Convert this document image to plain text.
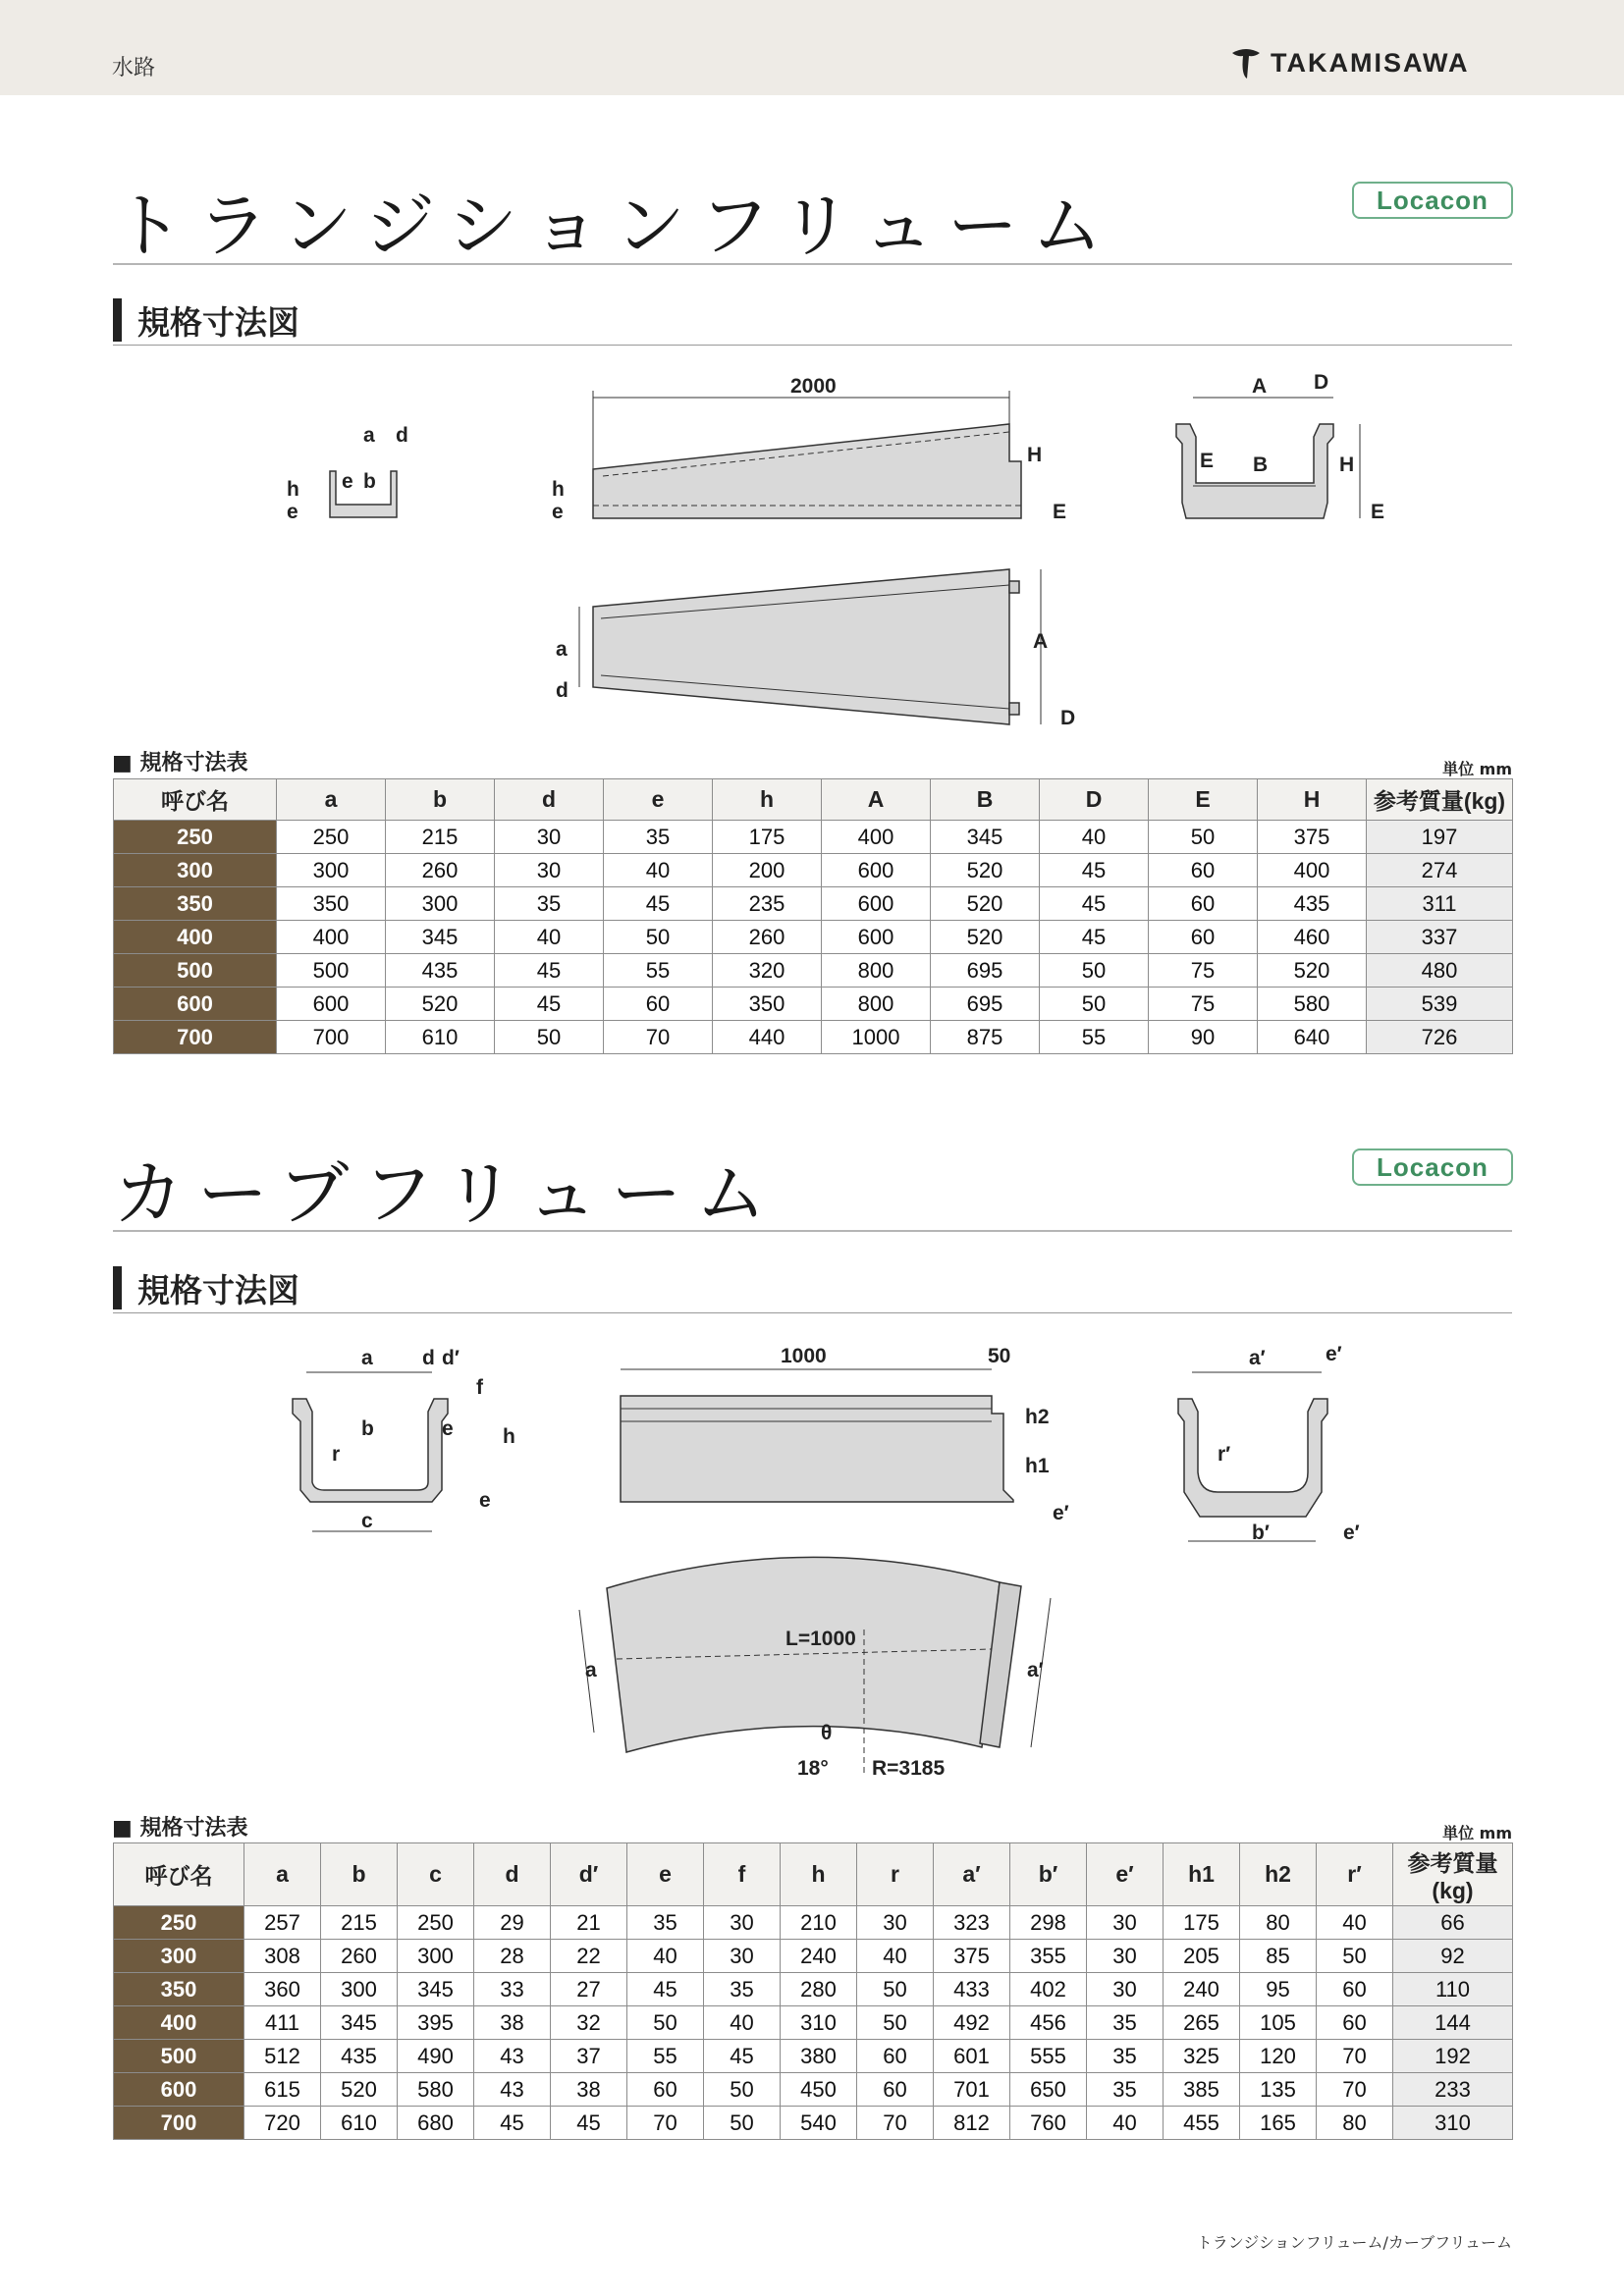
水路	TAKAMISAWA
トランジションフリューム	Locacon
規格寸法図
a d
e b
h
e
2000
h
e
H
E
A D
E B	H
E
a
d
A
D
■ 規格寸法表	単位 mm
呼び名	a	b	d	e	h	A	B	D	E	H	参考質量(kg)
250	250	215	30	35	175	400	345	40	50	375	197
300	300	260	30	40	200	600	520	45	60	400	274
350	350	300	35	45	235	600	520	45	60	435	311
400	400	345	40	50	260	600	520	45	60	460	337
500	500	435	45	55	320	800	695	50	75	520	480
600	600	520	45	60	350	800	695	50	75	580	539
700	700	610	50	70	440	1000	875	55	90	640	726
カーブフリューム	Locacon
規格寸法図
a d d′
f
b	e h
r
e
c
1000	50
h2
h1
e′
a′	e′
r′
b′	e′
L=1000
a	a′
18°
θ
R=3185
■ 規格寸法表	単位 mm
呼び名	a	b	c	d	d′	e	f	h	r	a′	b′	e′	h1	h2	r′	参考質量(kg)
250	257	215	250	29	21	35	30	210	30	323	298	30	175	80	40	66
300	308	260	300	28	22	40	30	240	40	375	355	30	205	85	50	92
350	360	300	345	33	27	45	35	280	50	433	402	30	240	95	60	110
400	411	345	395	38	32	50	40	310	50	492	456	35	265	105	60	144
500	512	435	490	43	37	55	45	380	60	601	555	35	325	120	70	192
600	615	520	580	43	38	60	50	450	60	701	650	35	385	135	70	233
700	720	610	680	45	45	70	50	540	70	812	760	40	455	165	80	310
トランジションフリューム/カーブフリューム
